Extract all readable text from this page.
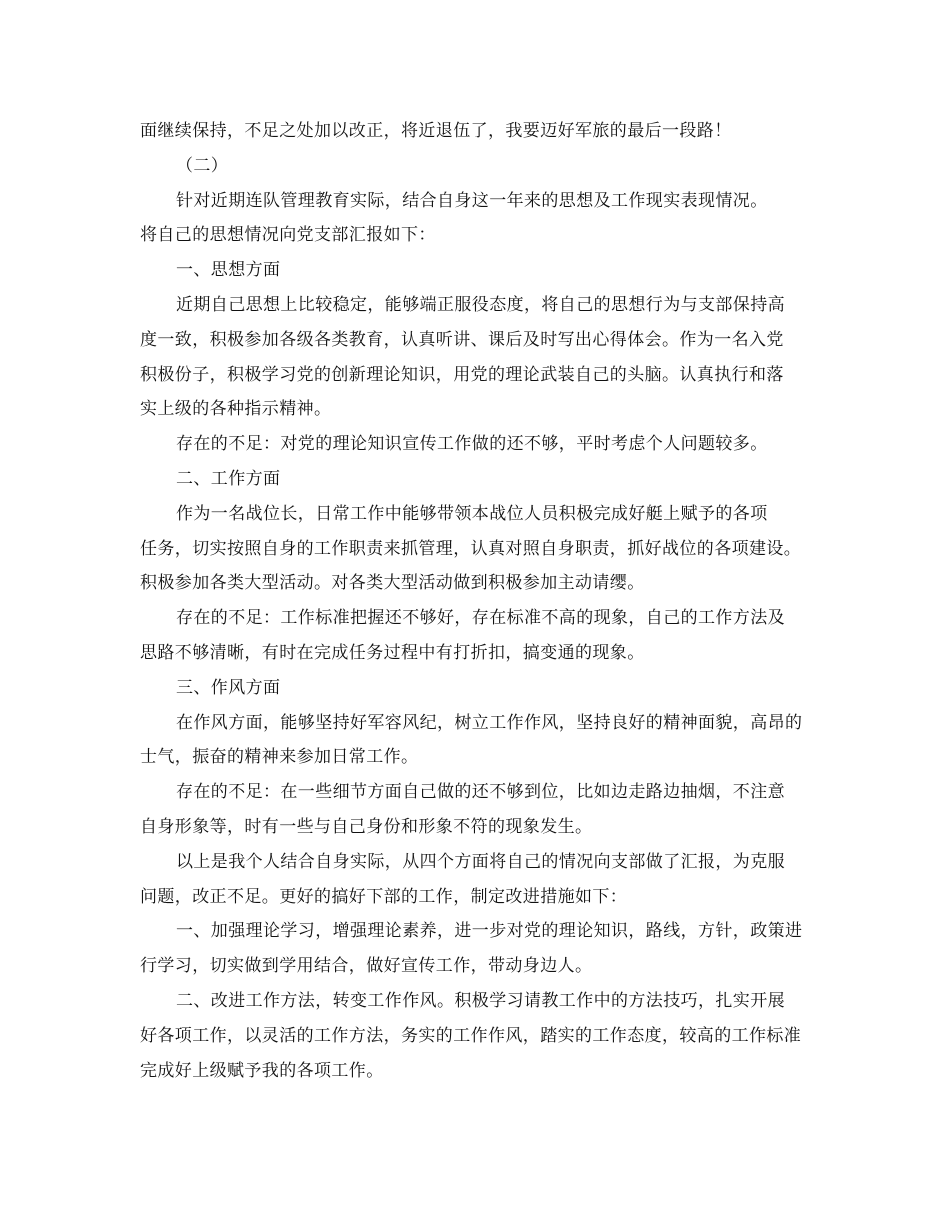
面继续保持，不足之处加以改正，将近退伍了，我要迈好军旅的最后一段路！
（二）
针对近期连队管理教育实际，结合自身这一年来的思想及工作现实表现情况。
将自己的思想情况向党支部汇报如下：
一、思想方面
近期自己思想上比较稳定，能够端正服役态度，将自己的思想行为与支部保持高
度一致，积极参加各级各类教育，认真听讲、课后及时写出心得体会。作为一名入党
积极份子，积极学习党的创新理论知识，用党的理论武装自己的头脑。认真执行和落
实上级的各种指示精神。
存在的不足：对党的理论知识宣传工作做的还不够，平时考虑个人问题较多。
二、工作方面
作为一名战位长，日常工作中能够带领本战位人员积极完成好艇上赋予的各项
任务，切实按照自身的工作职责来抓管理，认真对照自身职责，抓好战位的各项建设。
积极参加各类大型活动。对各类大型活动做到积极参加主动请缨。
存在的不足：工作标准把握还不够好，存在标准不高的现象，自己的工作方法及
思路不够清晰，有时在完成任务过程中有打折扣，搞变通的现象。
三、作风方面
在作风方面，能够坚持好军容风纪，树立工作作风，坚持良好的精神面貌，高昂的
士气，振奋的精神来参加日常工作。
存在的不足：在一些细节方面自己做的还不够到位，比如边走路边抽烟，不注意
自身形象等，时有一些与自己身份和形象不符的现象发生。
以上是我个人结合自身实际，从四个方面将自己的情况向支部做了汇报，为克服
问题，改正不足。更好的搞好下部的工作，制定改进措施如下：
一、加强理论学习，增强理论素养，进一步对党的理论知识，路线，方针，政策进
行学习，切实做到学用结合，做好宣传工作，带动身边人。
二、改进工作方法，转变工作作风。积极学习请教工作中的方法技巧，扎实开展
好各项工作，以灵活的工作方法，务实的工作作风，踏实的工作态度，较高的工作标准
完成好上级赋予我的各项工作。
